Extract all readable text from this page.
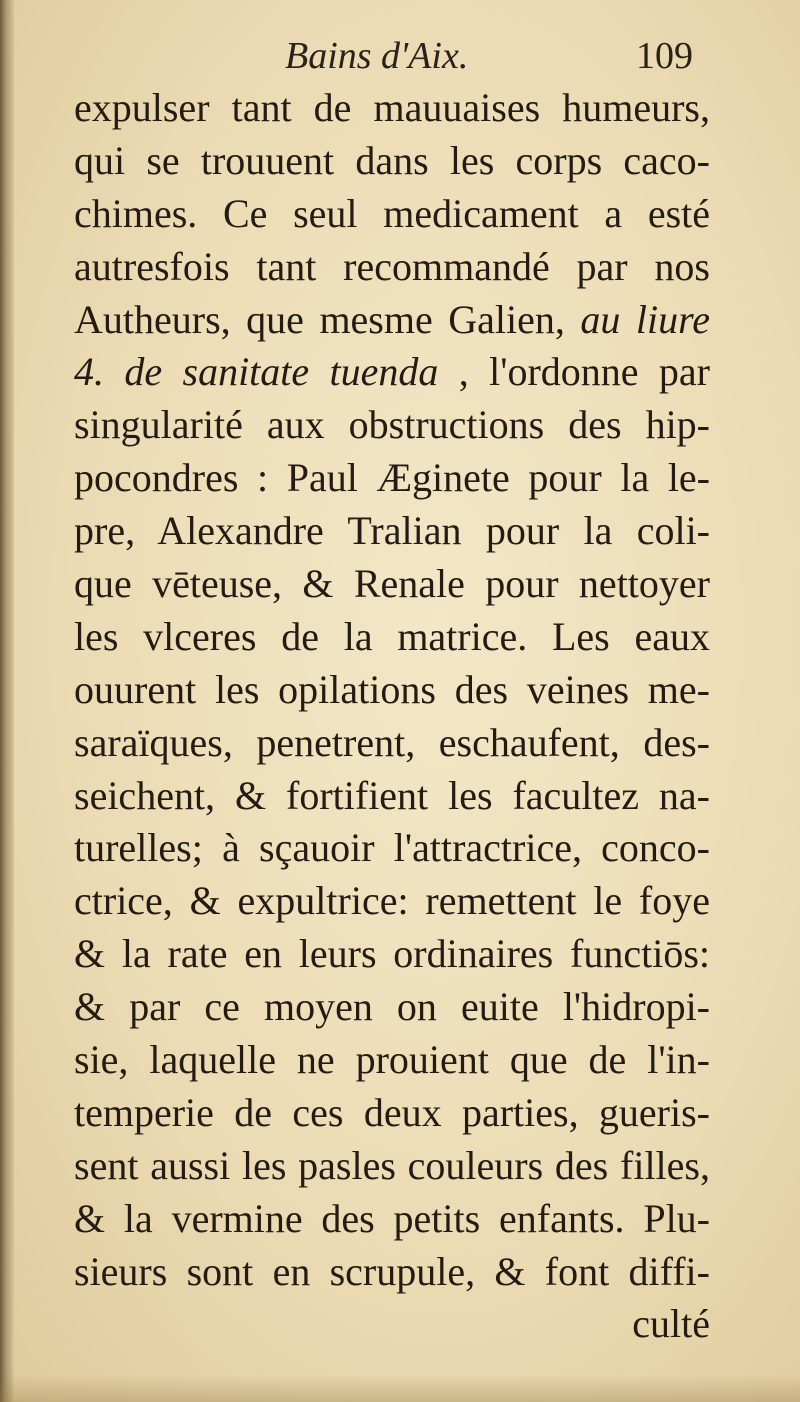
Bains d'Aix.	109
expulser tant de mauuaises humeurs,
qui se trouuent dans les corps caco-
chimes. Ce seul medicament a esté
autresfois tant recommandé par nos
Autheurs, que mesme Galien, au liure
4. de sanitate tuenda , l'ordonne par
singularité aux obstructions des hip-
pocondres : Paul Æginete pour la le-
pre, Alexandre Tralian pour la coli-
que vēteuse, & Renale pour nettoyer
les vlceres de la matrice. Les eaux
ouurent les opilations des veines me-
saraïques, penetrent, eschaufent, des-
seichent, & fortifient les facultez na-
turelles; à sçauoir l'attractrice, conco-
ctrice, & expultrice: remettent le foye
& la rate en leurs ordinaires functiōs:
& par ce moyen on euite l'hidropi-
sie, laquelle ne prouient que de l'in-
temperie de ces deux parties, gueris-
sent aussi les pasles couleurs des filles,
& la vermine des petits enfants. Plu-
sieurs sont en scrupule, & font diffi-
culté
